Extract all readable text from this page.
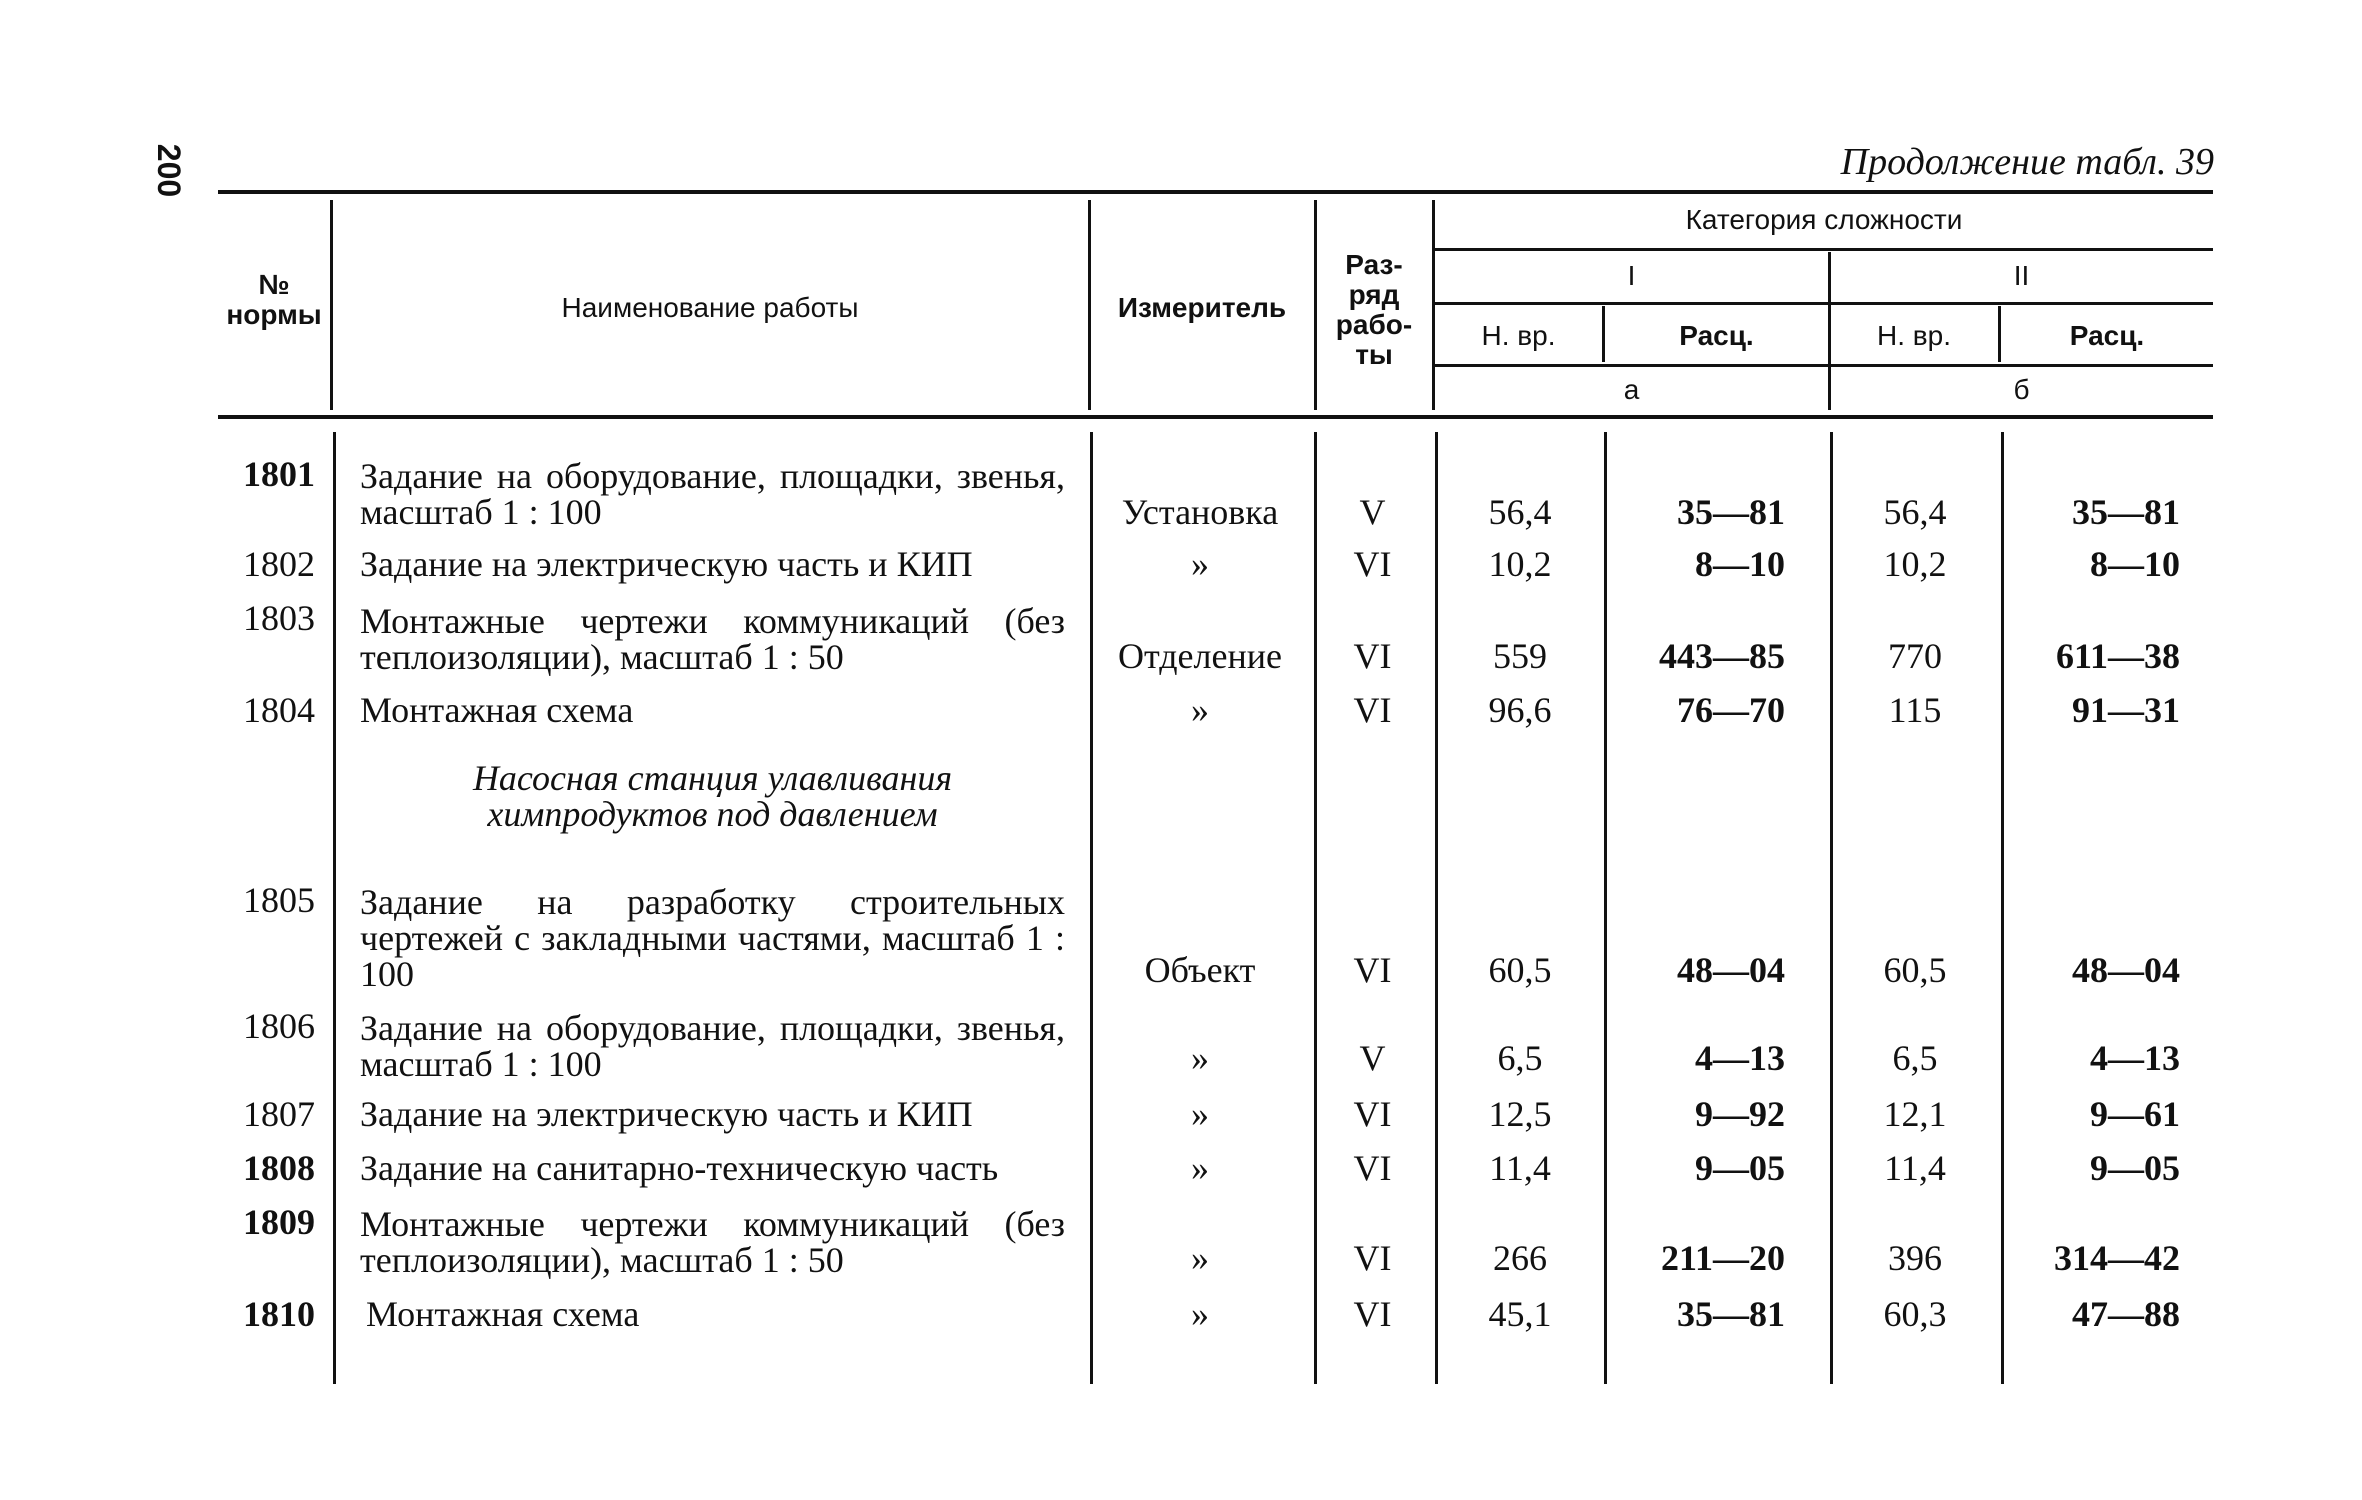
200	Продолжение табл. 39
№ нормы	Наименование работы	Измеритель
Раз- ряд рабо- ты
Категория сложности
I	II
Н. вр.	Расц.	Н. вр.	Расц.
а	б
1801 Задание на оборудование, площадки, звенья, масштаб 1 : 100	Установка	V	56,4	35—81	56,4	35—81
1802 Задание на электрическую часть и КИП	»	VI	10,2	8—10	10,2	8—10
1803 Монтажные чертежи коммуникаций (без теплоизоляции), масштаб 1 : 50	Отделение	VI	559	443—85	770	611—38
1804 Монтажная схема	»	VI	96,6	76—70	115	91—31
Насосная станция улавливания химпродуктов под давлением
1805 Задание на разработку строительных чертежей с закладными частями, масштаб 1 : 100	Объект	VI	60,5	48—04	60,5	48—04
1806 Задание на оборудование, площадки, звенья, масштаб 1 : 100	»	V	6,5	4—13	6,5	4—13
1807 Задание на электрическую часть и КИП	»	VI	12,5	9—92	12,1	9—61
1808 Задание на санитарно-техническую часть	»	VI	11,4	9—05	11,4	9—05
1809 Монтажные чертежи коммуникаций (без теплоизоляции), масштаб 1 : 50	»	VI	266	211—20	396	314—42
1810 Монтажная схема	»	VI	45,1	35—81	60,3	47—88
